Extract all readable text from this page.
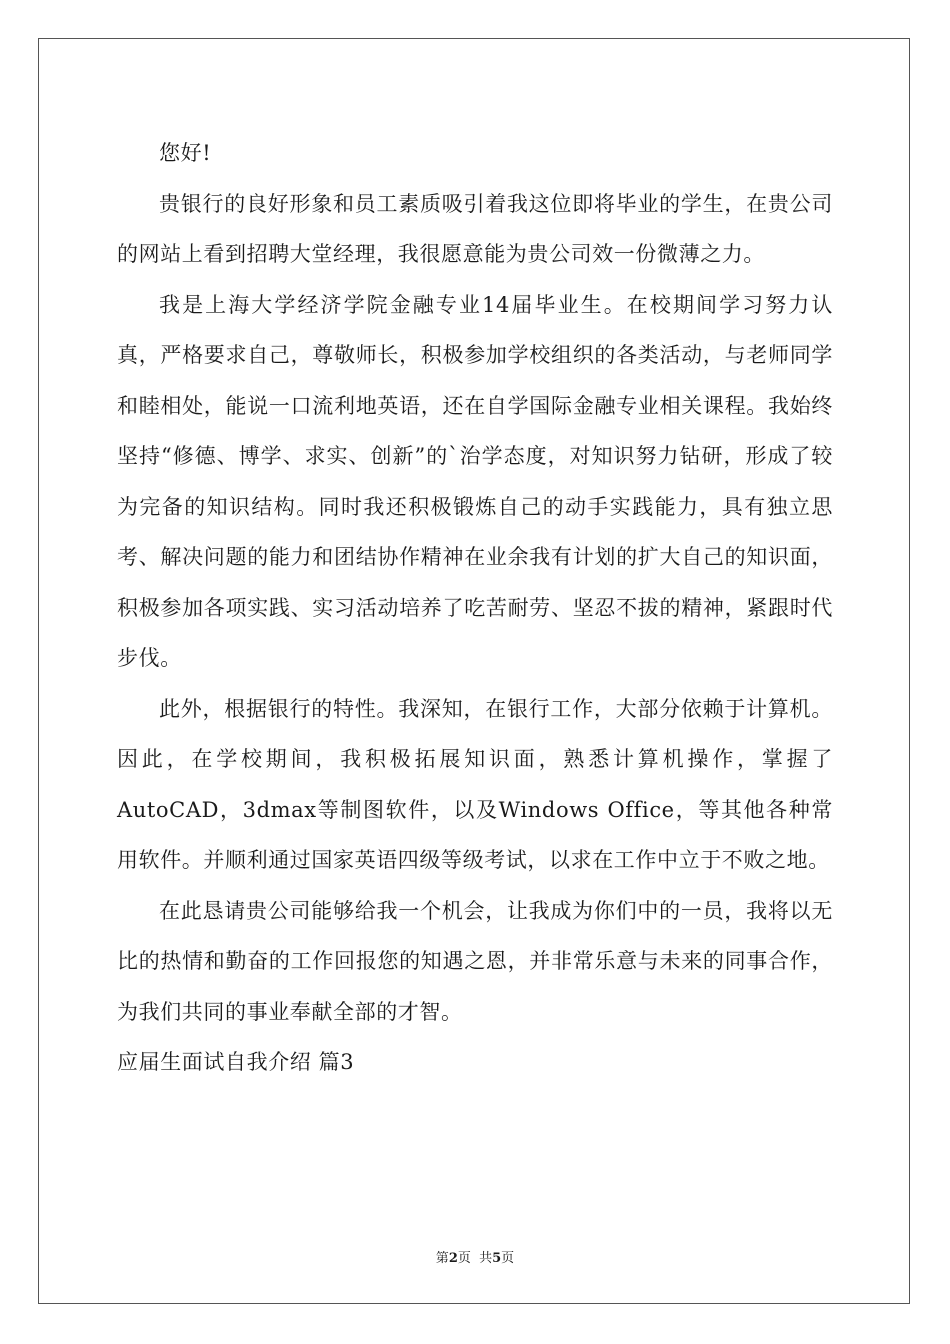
您好!

贵银行的良好形象和员工素质吸引着我这位即将毕业的学生，在贵公司的网站上看到招聘大堂经理，我很愿意能为贵公司效一份微薄之力。

我是上海大学经济学院金融专业14届毕业生。在校期间学习努力认真，严格要求自己，尊敬师长，积极参加学校组织的各类活动，与老师同学和睦相处，能说一口流利地英语，还在自学国际金融专业相关课程。我始终坚持“修德、博学、求实、创新”的`治学态度，对知识努力钻研，形成了较为完备的知识结构。同时我还积极锻炼自己的动手实践能力，具有独立思考、解决问题的能力和团结协作精神在业余我有计划的扩大自己的知识面，积极参加各项实践、实习活动培养了吃苦耐劳、坚忍不拔的精神，紧跟时代步伐。

此外，根据银行的特性。我深知，在银行工作，大部分依赖于计算机。因此，在学校期间，我积极拓展知识面，熟悉计算机操作，掌握了AutoCAD，3dmax等制图软件，以及Windows Office，等其他各种常用软件。并顺利通过国家英语四级等级考试，以求在工作中立于不败之地。

在此恳请贵公司能够给我一个机会，让我成为你们中的一员，我将以无比的热情和勤奋的工作回报您的知遇之恩，并非常乐意与未来的同事合作，为我们共同的事业奉献全部的才智。

应届生面试自我介绍 篇3

第2页  共5页
